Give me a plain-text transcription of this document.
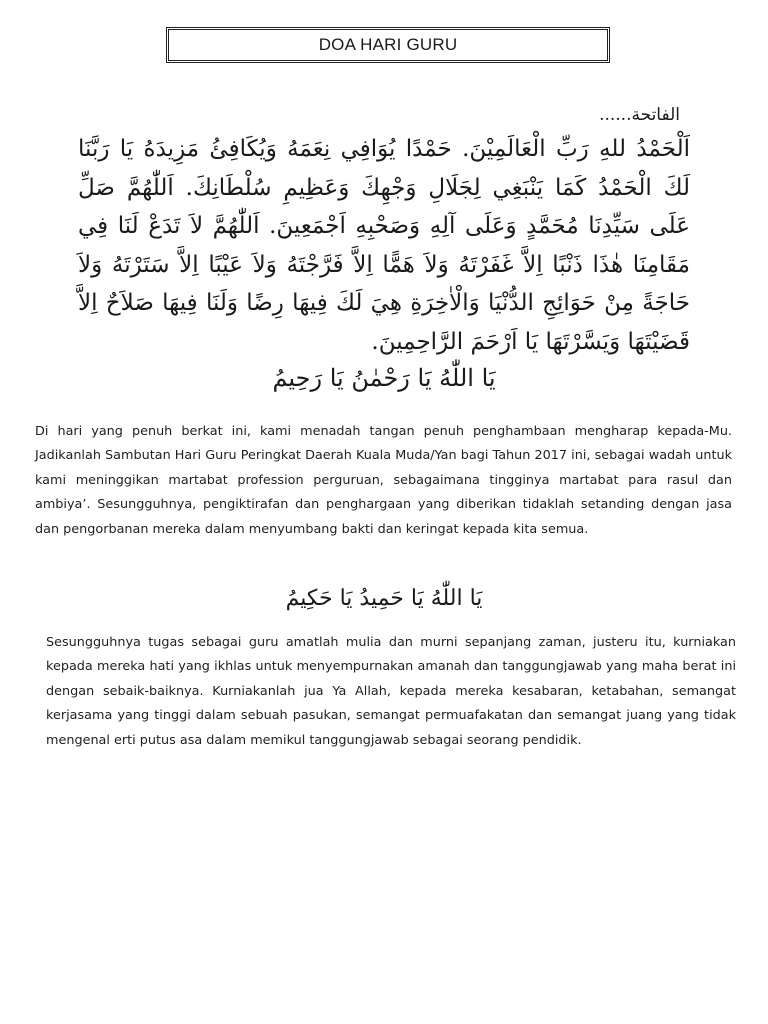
DOA HARI GURU

الفاتحة......

اَلْحَمْدُ للهِ رَبِّ الْعَالَمِيْنَ. حَمْدًا يُوَافِي نِعَمَهُ وَيُكَافِئُ مَزِيدَهُ يَا رَبَّنَا لَكَ الْحَمْدُ كَمَا يَنْبَغِي لِجَلَالِ وَجْهِكَ وَعَظِيمِ سُلْطَانِكَ. اَللّٰهُمَّ صَلِّ عَلَى سَيِّدِنَا مُحَمَّدٍ وَعَلَى آلِهِ وَصَحْبِهِ اَجْمَعِينَ. اَللّٰهُمَّ لاَ تَدَعْ لَنَا فِي مَقَامِنَا هٰذَا ذَنْبًا اِلاَّ غَفَرْتَهُ وَلاَ هَمًّا اِلاَّ فَرَّجْتَهُ وَلاَ عَيْبًا اِلاَّ سَتَرْتَهُ وَلاَ حَاجَةً مِنْ حَوَائِجِ الدُّنْيَا وَالْاٰخِرَةِ هِيَ لَكَ فِيهَا رِضًا وَلَنَا فِيهَا صَلاَحٌ اِلاَّ قَضَيْتَهَا وَيَسَّرْتَهَا يَا اَرْحَمَ الرَّاحِمِينَ.

يَا اللّٰهُ يَا رَحْمٰنُ يَا رَحِيمُ

Di hari yang penuh berkat ini, kami menadah tangan penuh penghambaan mengharap kepada-Mu. Jadikanlah Sambutan Hari Guru Peringkat Daerah Kuala Muda/Yan bagi Tahun 2017 ini, sebagai wadah untuk kami meninggikan martabat profession perguruan, sebagaimana tingginya martabat para rasul dan ambiya’. Sesungguhnya, pengiktirafan dan penghargaan yang diberikan tidaklah setanding dengan jasa dan pengorbanan mereka dalam menyumbang bakti dan keringat kepada kita semua.

يَا اللّٰهُ يَا حَمِيدُ يَا حَكِيمُ

Sesungguhnya tugas sebagai guru amatlah mulia dan murni sepanjang zaman, justeru itu, kurniakan kepada mereka hati yang ikhlas untuk menyempurnakan amanah dan tanggungjawab yang maha berat ini dengan sebaik-baiknya. Kurniakanlah jua Ya Allah, kepada mereka kesabaran, ketabahan, semangat kerjasama yang tinggi dalam sebuah pasukan, semangat permuafakatan dan semangat juang yang tidak mengenal erti putus asa dalam memikul tanggungjawab sebagai seorang pendidik.
